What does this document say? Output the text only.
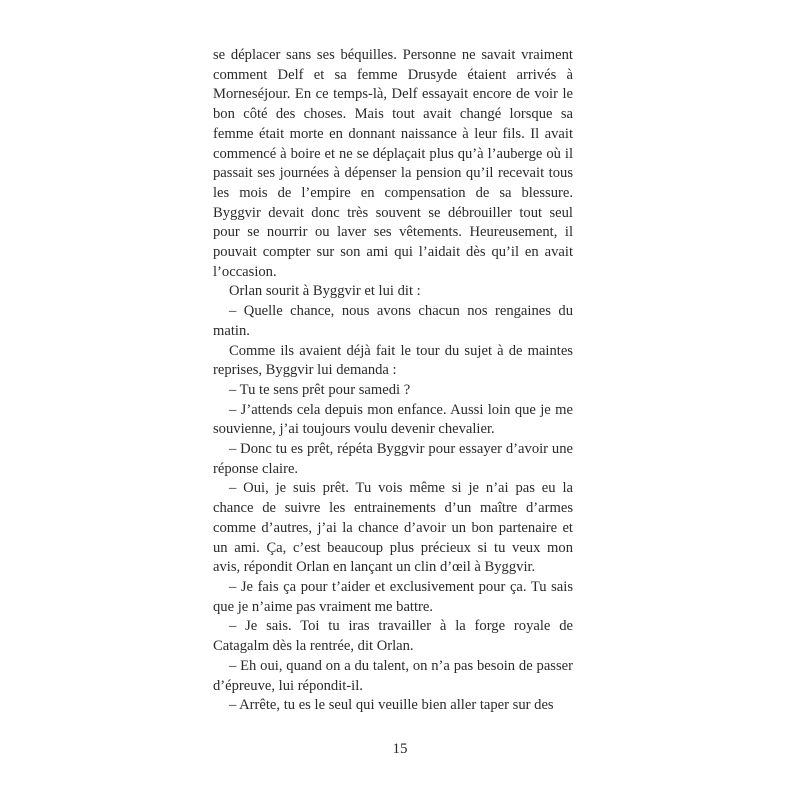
se déplacer sans ses béquilles. Personne ne savait vraiment comment Delf et sa femme Drusyde étaient arrivés à Morneséjour. En ce temps-là, Delf essayait encore de voir le bon côté des choses. Mais tout avait changé lorsque sa femme était morte en donnant naissance à leur fils. Il avait commencé à boire et ne se déplaçait plus qu’à l’auberge où il passait ses journées à dépenser la pension qu’il recevait tous les mois de l’empire en compensation de sa blessure. Byggvir devait donc très souvent se débrouiller tout seul pour se nourrir ou laver ses vêtements. Heureusement, il pouvait compter sur son ami qui l’aidait dès qu’il en avait l’occasion.

Orlan sourit à Byggvir et lui dit :

– Quelle chance, nous avons chacun nos rengaines du matin.

Comme ils avaient déjà fait le tour du sujet à de maintes reprises, Byggvir lui demanda :

– Tu te sens prêt pour samedi ?

– J’attends cela depuis mon enfance. Aussi loin que je me souvienne, j’ai toujours voulu devenir chevalier.

– Donc tu es prêt, répéta Byggvir pour essayer d’avoir une réponse claire.

– Oui, je suis prêt. Tu vois même si je n’ai pas eu la chance de suivre les entrainements d’un maître d’armes comme d’autres, j’ai la chance d’avoir un bon partenaire et un ami. Ça, c’est beaucoup plus précieux si tu veux mon avis, répondit Orlan en lançant un clin d’œil à Byggvir.

– Je fais ça pour t’aider et exclusivement pour ça. Tu sais que je n’aime pas vraiment me battre.

– Je sais. Toi tu iras travailler à la forge royale de Catagalm dès la rentrée, dit Orlan.

– Eh oui, quand on a du talent, on n’a pas besoin de passer d’épreuve, lui répondit-il.

– Arrête, tu es le seul qui veuille bien aller taper sur des

15
